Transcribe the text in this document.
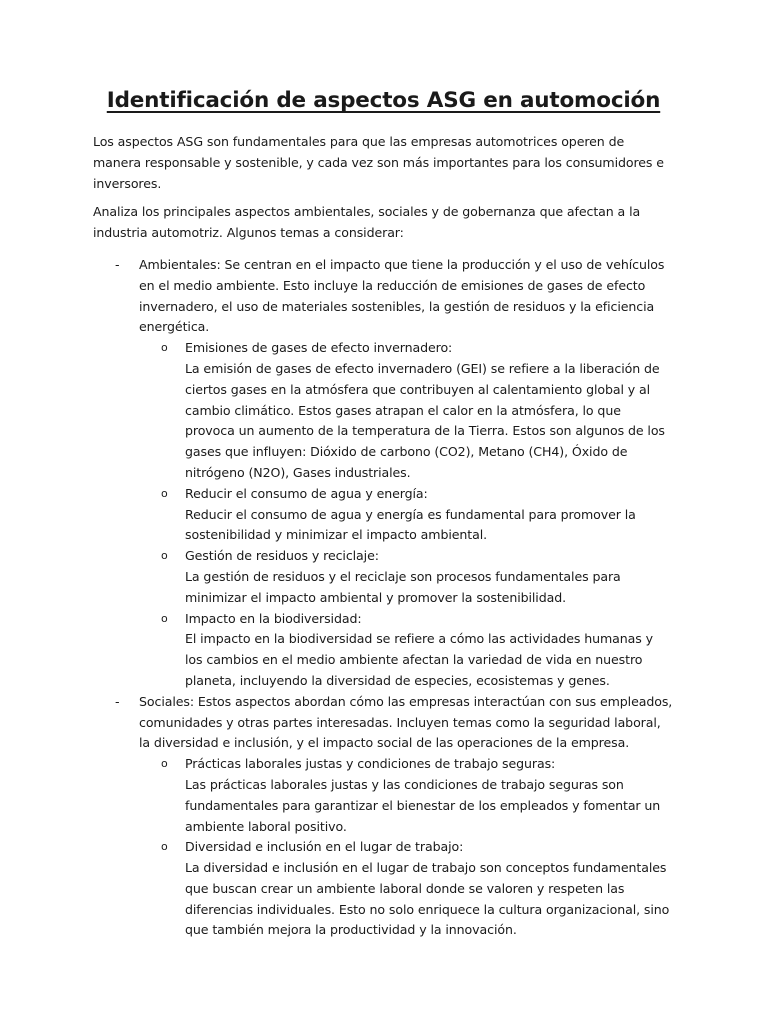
Identificación de aspectos ASG en automoción

Los aspectos ASG son fundamentales para que las empresas automotrices operen de manera responsable y sostenible, y cada vez son más importantes para los consumidores e inversores.

Analiza los principales aspectos ambientales, sociales y de gobernanza que afectan a la industria automotriz. Algunos temas a considerar:

- Ambientales: Se centran en el impacto que tiene la producción y el uso de vehículos en el medio ambiente. Esto incluye la reducción de emisiones de gases de efecto invernadero, el uso de materiales sostenibles, la gestión de residuos y la eficiencia energética.
o Emisiones de gases de efecto invernadero:
La emisión de gases de efecto invernadero (GEI) se refiere a la liberación de ciertos gases en la atmósfera que contribuyen al calentamiento global y al cambio climático. Estos gases atrapan el calor en la atmósfera, lo que provoca un aumento de la temperatura de la Tierra. Estos son algunos de los gases que influyen: Dióxido de carbono (CO2), Metano (CH4), Óxido de nitrógeno (N2O), Gases industriales.
o Reducir el consumo de agua y energía:
Reducir el consumo de agua y energía es fundamental para promover la sostenibilidad y minimizar el impacto ambiental.
o Gestión de residuos y reciclaje:
La gestión de residuos y el reciclaje son procesos fundamentales para minimizar el impacto ambiental y promover la sostenibilidad.
o Impacto en la biodiversidad:
El impacto en la biodiversidad se refiere a cómo las actividades humanas y los cambios en el medio ambiente afectan la variedad de vida en nuestro planeta, incluyendo la diversidad de especies, ecosistemas y genes.
- Sociales: Estos aspectos abordan cómo las empresas interactúan con sus empleados, comunidades y otras partes interesadas. Incluyen temas como la seguridad laboral, la diversidad e inclusión, y el impacto social de las operaciones de la empresa.
o Prácticas laborales justas y condiciones de trabajo seguras:
Las prácticas laborales justas y las condiciones de trabajo seguras son fundamentales para garantizar el bienestar de los empleados y fomentar un ambiente laboral positivo.
o Diversidad e inclusión en el lugar de trabajo:
La diversidad e inclusión en el lugar de trabajo son conceptos fundamentales que buscan crear un ambiente laboral donde se valoren y respeten las diferencias individuales. Esto no solo enriquece la cultura organizacional, sino que también mejora la productividad y la innovación.
